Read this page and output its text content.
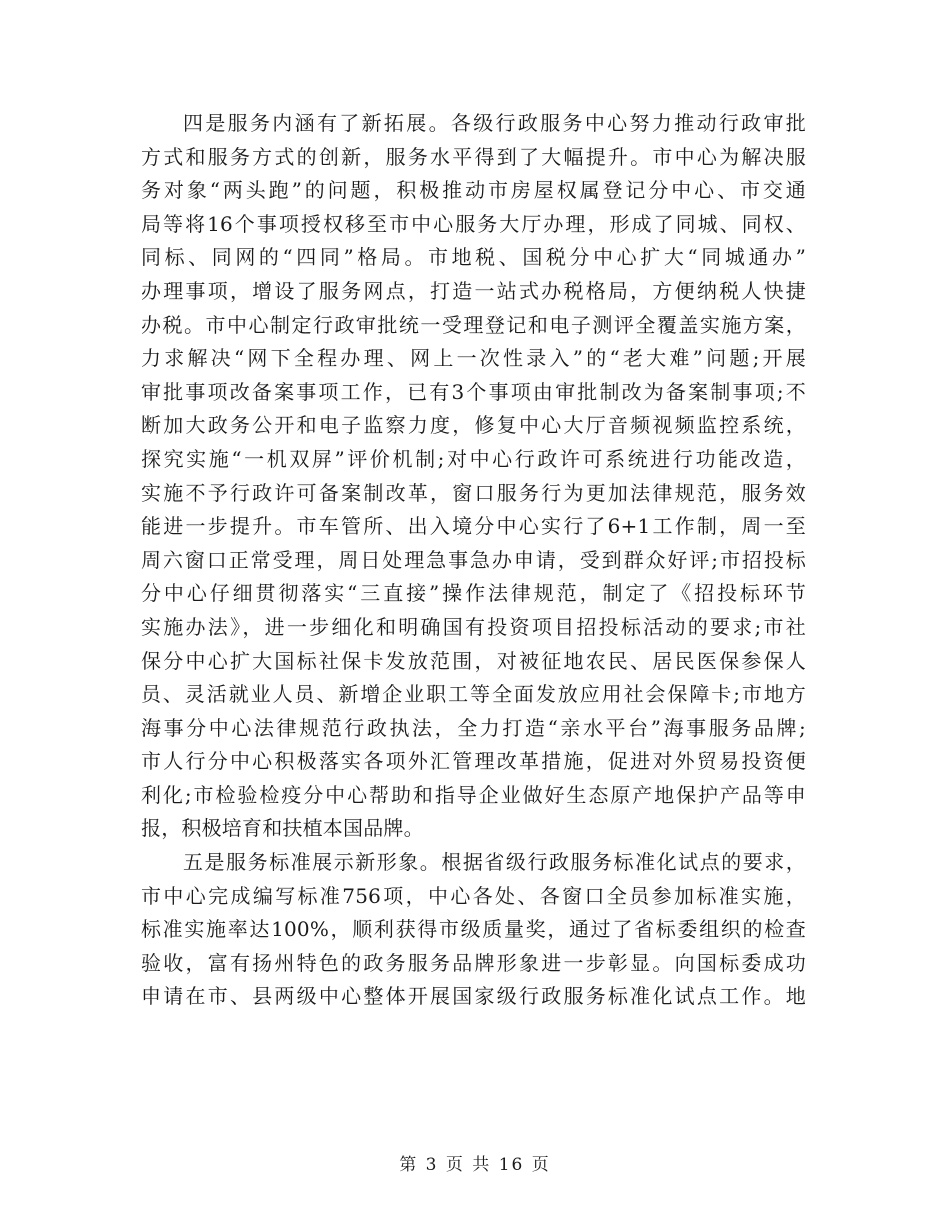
四是服务内涵有了新拓展。各级行政服务中心努力推动行政审批
方式和服务方式的创新，服务水平得到了大幅提升。市中心为解决服
务对象“两头跑”的问题，积极推动市房屋权属登记分中心、市交通
局等将16个事项授权移至市中心服务大厅办理，形成了同城、同权、
同标、同网的“四同”格局。市地税、国税分中心扩大“同城通办”
办理事项，增设了服务网点，打造一站式办税格局，方便纳税人快捷
办税。市中心制定行政审批统一受理登记和电子测评全覆盖实施方案，
力求解决“网下全程办理、网上一次性录入”的“老大难”问题;开展
审批事项改备案事项工作，已有3个事项由审批制改为备案制事项;不
断加大政务公开和电子监察力度，修复中心大厅音频视频监控系统，
探究实施“一机双屏”评价机制;对中心行政许可系统进行功能改造，
实施不予行政许可备案制改革，窗口服务行为更加法律规范，服务效
能进一步提升。市车管所、出入境分中心实行了6+1工作制，周一至
周六窗口正常受理，周日处理急事急办申请，受到群众好评;市招投标
分中心仔细贯彻落实“三直接”操作法律规范，制定了《招投标环节
实施办法》，进一步细化和明确国有投资项目招投标活动的要求;市社
保分中心扩大国标社保卡发放范围，对被征地农民、居民医保参保人
员、灵活就业人员、新增企业职工等全面发放应用社会保障卡;市地方
海事分中心法律规范行政执法，全力打造“亲水平台”海事服务品牌;
市人行分中心积极落实各项外汇管理改革措施，促进对外贸易投资便
利化;市检验检疫分中心帮助和指导企业做好生态原产地保护产品等申
报，积极培育和扶植本国品牌。
五是服务标准展示新形象。根据省级行政服务标准化试点的要求，
市中心完成编写标准756项，中心各处、各窗口全员参加标准实施，
标准实施率达100%，顺利获得市级质量奖，通过了省标委组织的检查
验收，富有扬州特色的政务服务品牌形象进一步彰显。向国标委成功
申请在市、县两级中心整体开展国家级行政服务标准化试点工作。地
第 3 页 共 16 页
